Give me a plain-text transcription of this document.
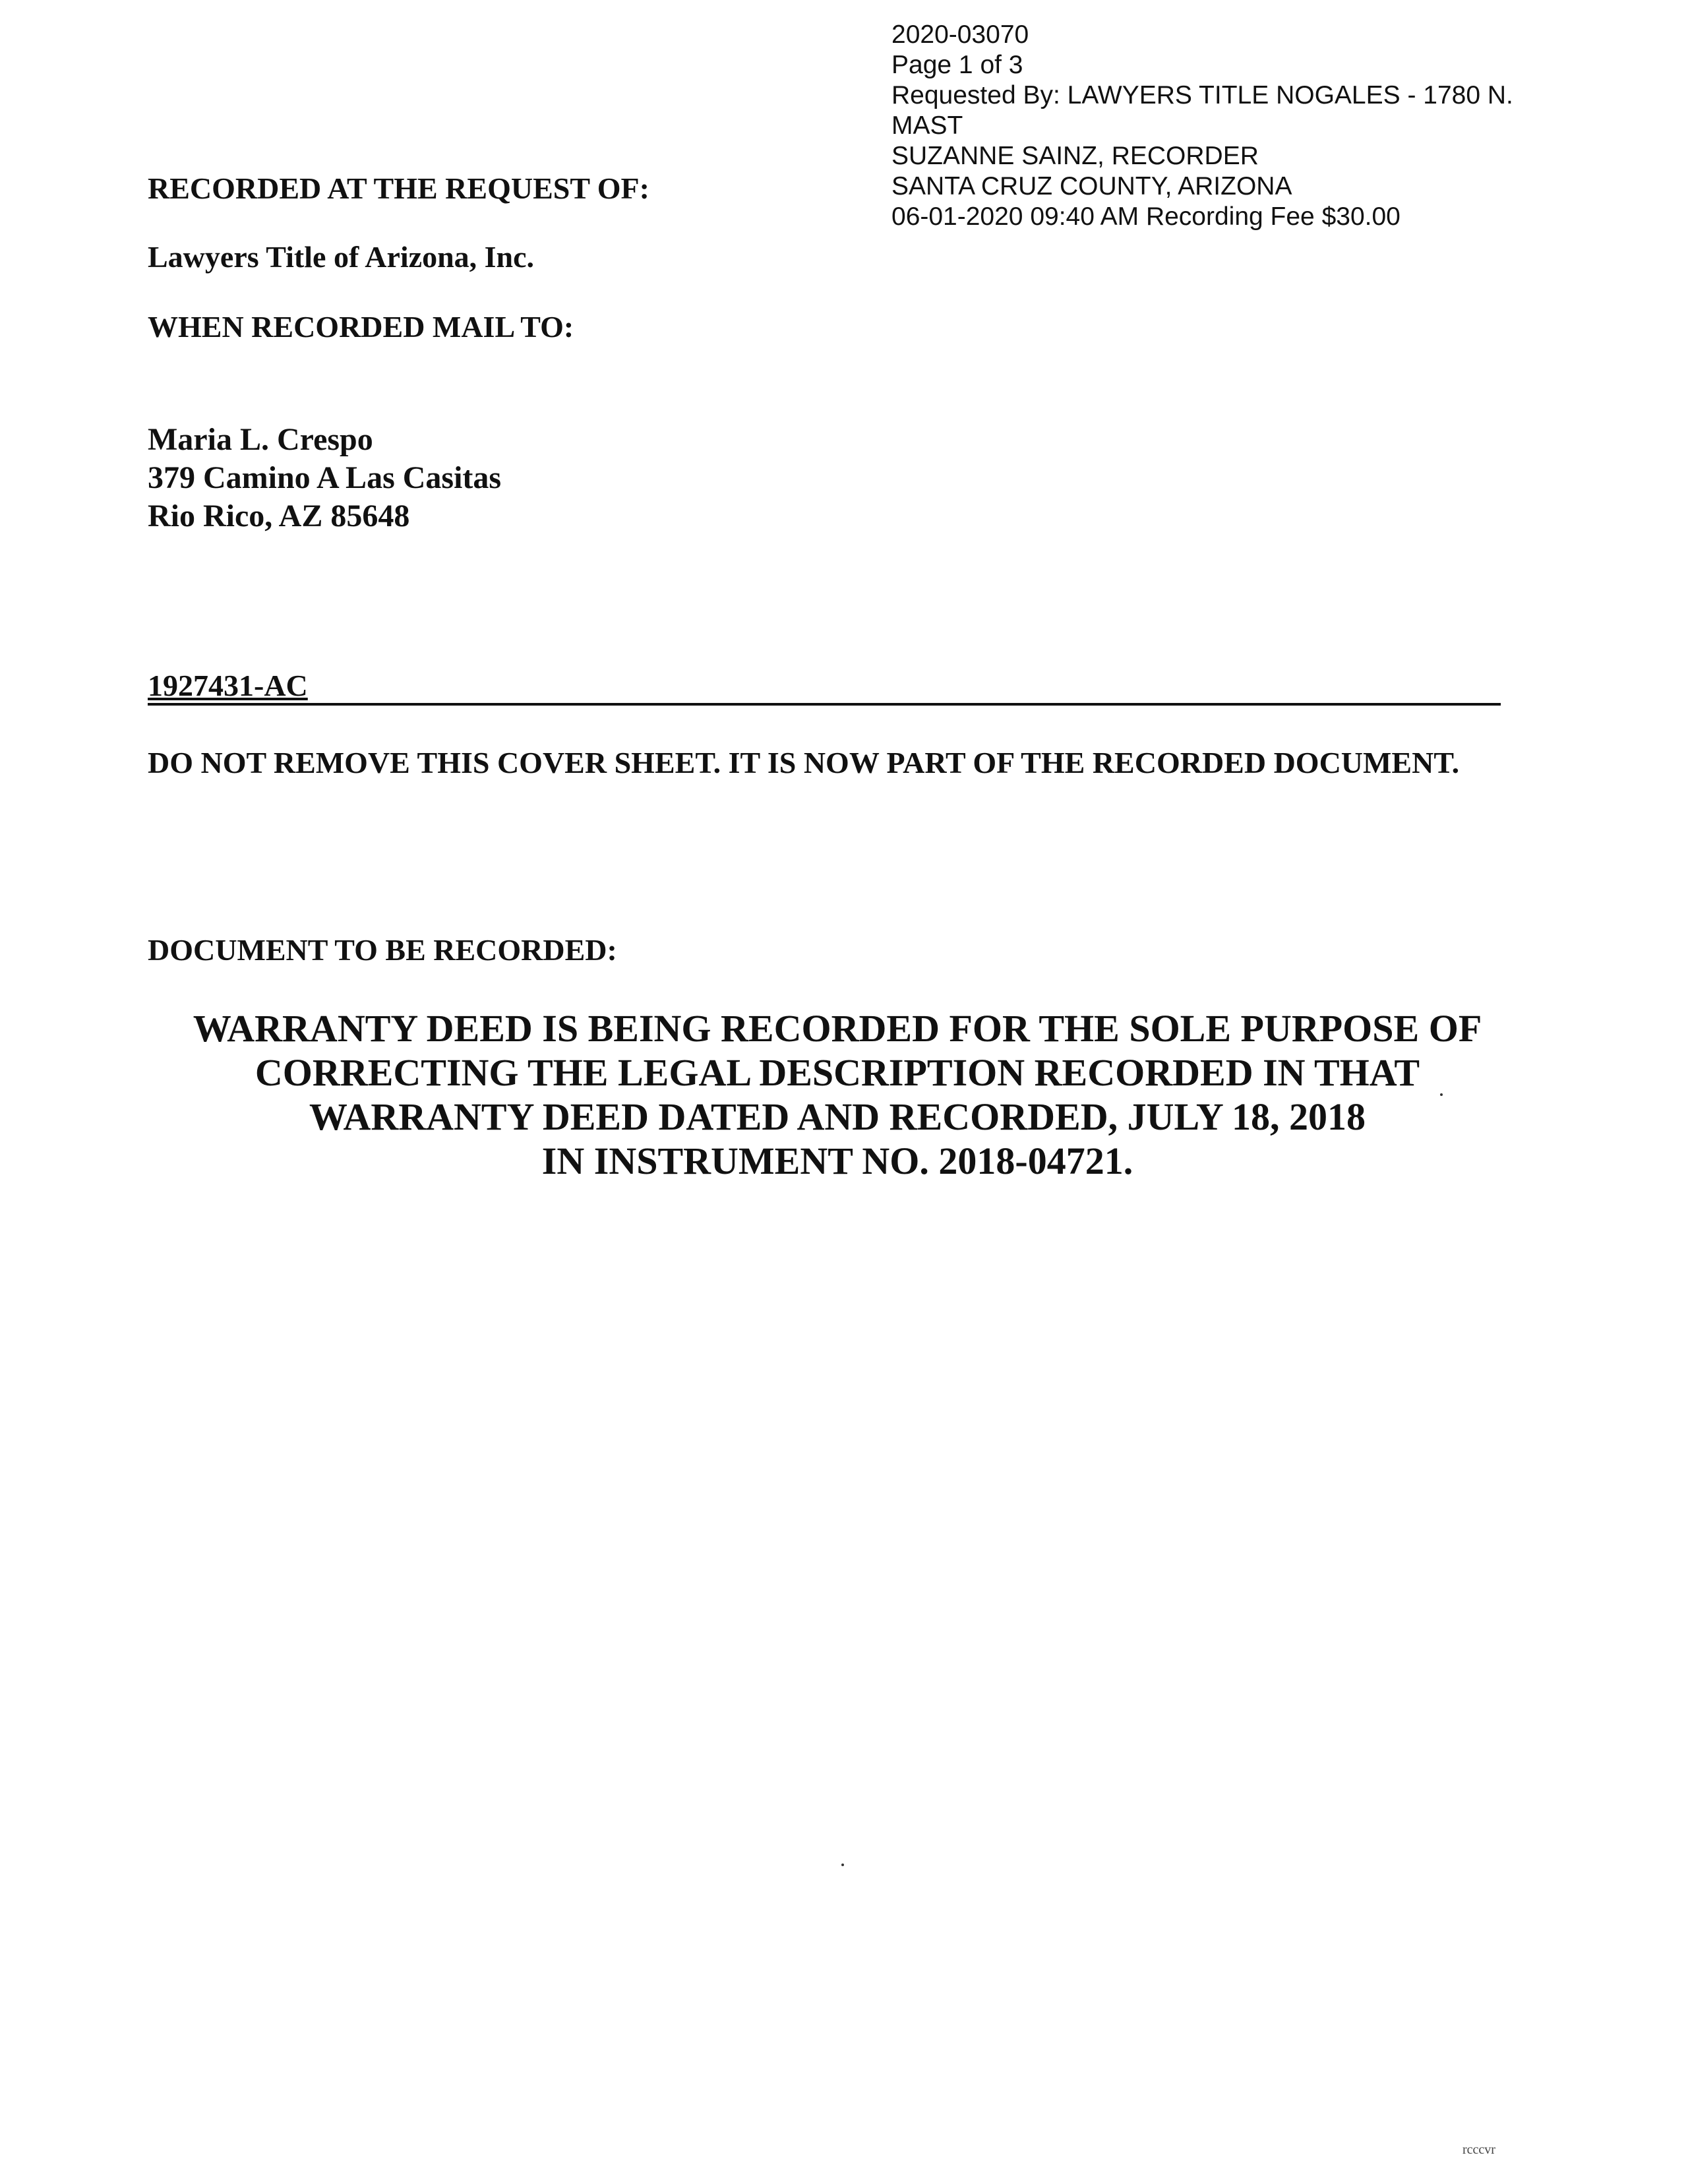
2020-03070
Page 1 of 3
Requested By: LAWYERS TITLE NOGALES - 1780 N.
MAST
SUZANNE SAINZ, RECORDER
SANTA CRUZ COUNTY, ARIZONA
06-01-2020 09:40 AM Recording Fee $30.00
RECORDED AT THE REQUEST OF:
Lawyers Title of Arizona, Inc.
WHEN RECORDED MAIL TO:
Maria L. Crespo
379 Camino A Las Casitas
Rio Rico, AZ 85648
1927431-AC
DO NOT REMOVE THIS COVER SHEET. IT IS NOW PART OF THE RECORDED DOCUMENT.
DOCUMENT TO BE RECORDED:
WARRANTY DEED IS BEING RECORDED FOR THE SOLE PURPOSE OF
CORRECTING THE LEGAL DESCRIPTION RECORDED IN THAT
WARRANTY DEED DATED AND RECORDED, JULY 18, 2018
IN INSTRUMENT NO. 2018-04721.
rcccvr
